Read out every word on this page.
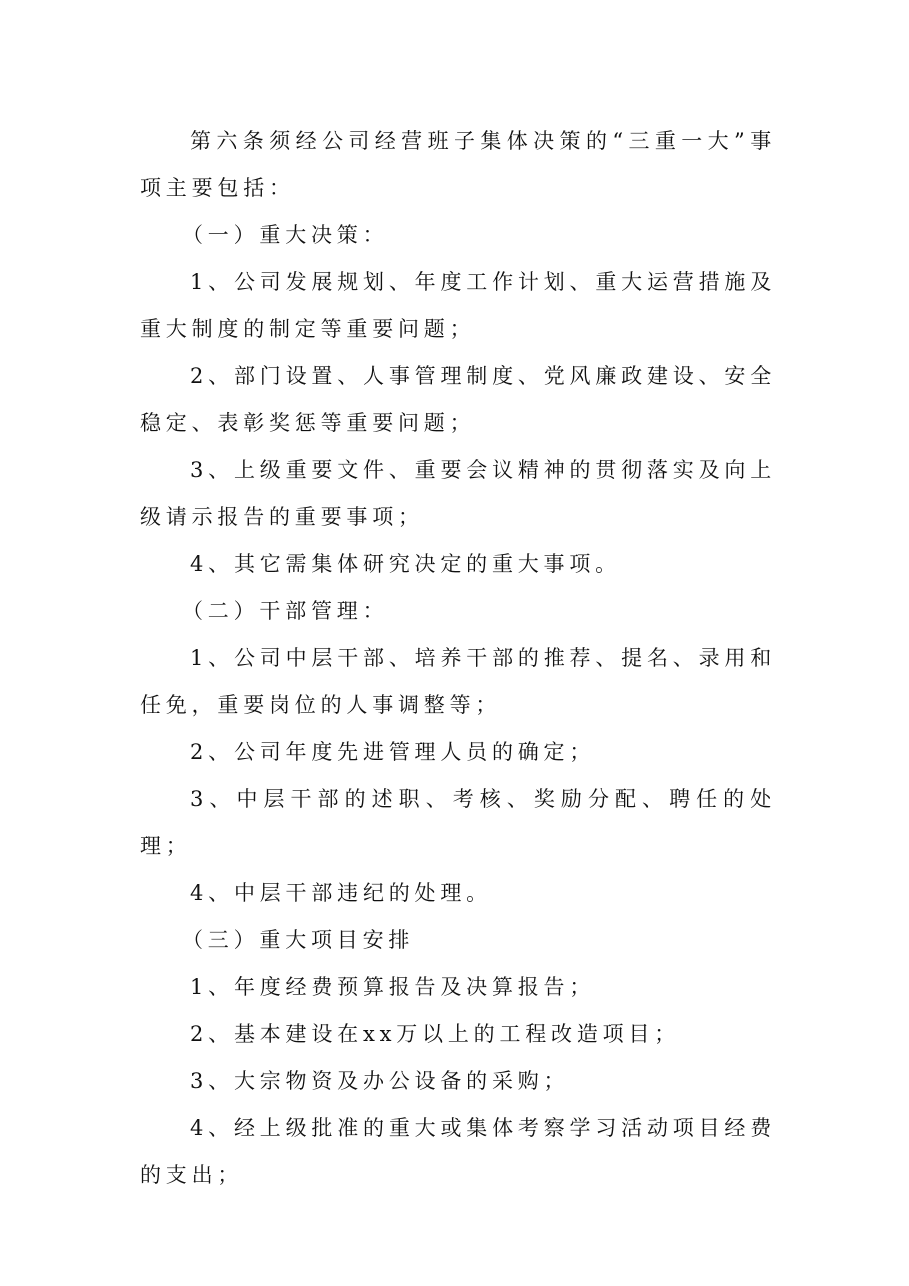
第六条须经公司经营班子集体决策的“三重一大”事项主要包括：

（一）重大决策：

1、公司发展规划、年度工作计划、重大运营措施及重大制度的制定等重要问题；

2、部门设置、人事管理制度、党风廉政建设、安全稳定、表彰奖惩等重要问题；

3、上级重要文件、重要会议精神的贯彻落实及向上级请示报告的重要事项；

4、其它需集体研究决定的重大事项。

（二）干部管理：

1、公司中层干部、培养干部的推荐、提名、录用和任免，重要岗位的人事调整等；

2、公司年度先进管理人员的确定；

3、中层干部的述职、考核、奖励分配、聘任的处理；

4、中层干部违纪的处理。

（三）重大项目安排

1、年度经费预算报告及决算报告；

2、基本建设在xx万以上的工程改造项目；

3、大宗物资及办公设备的采购；

4、经上级批准的重大或集体考察学习活动项目经费的支出；
